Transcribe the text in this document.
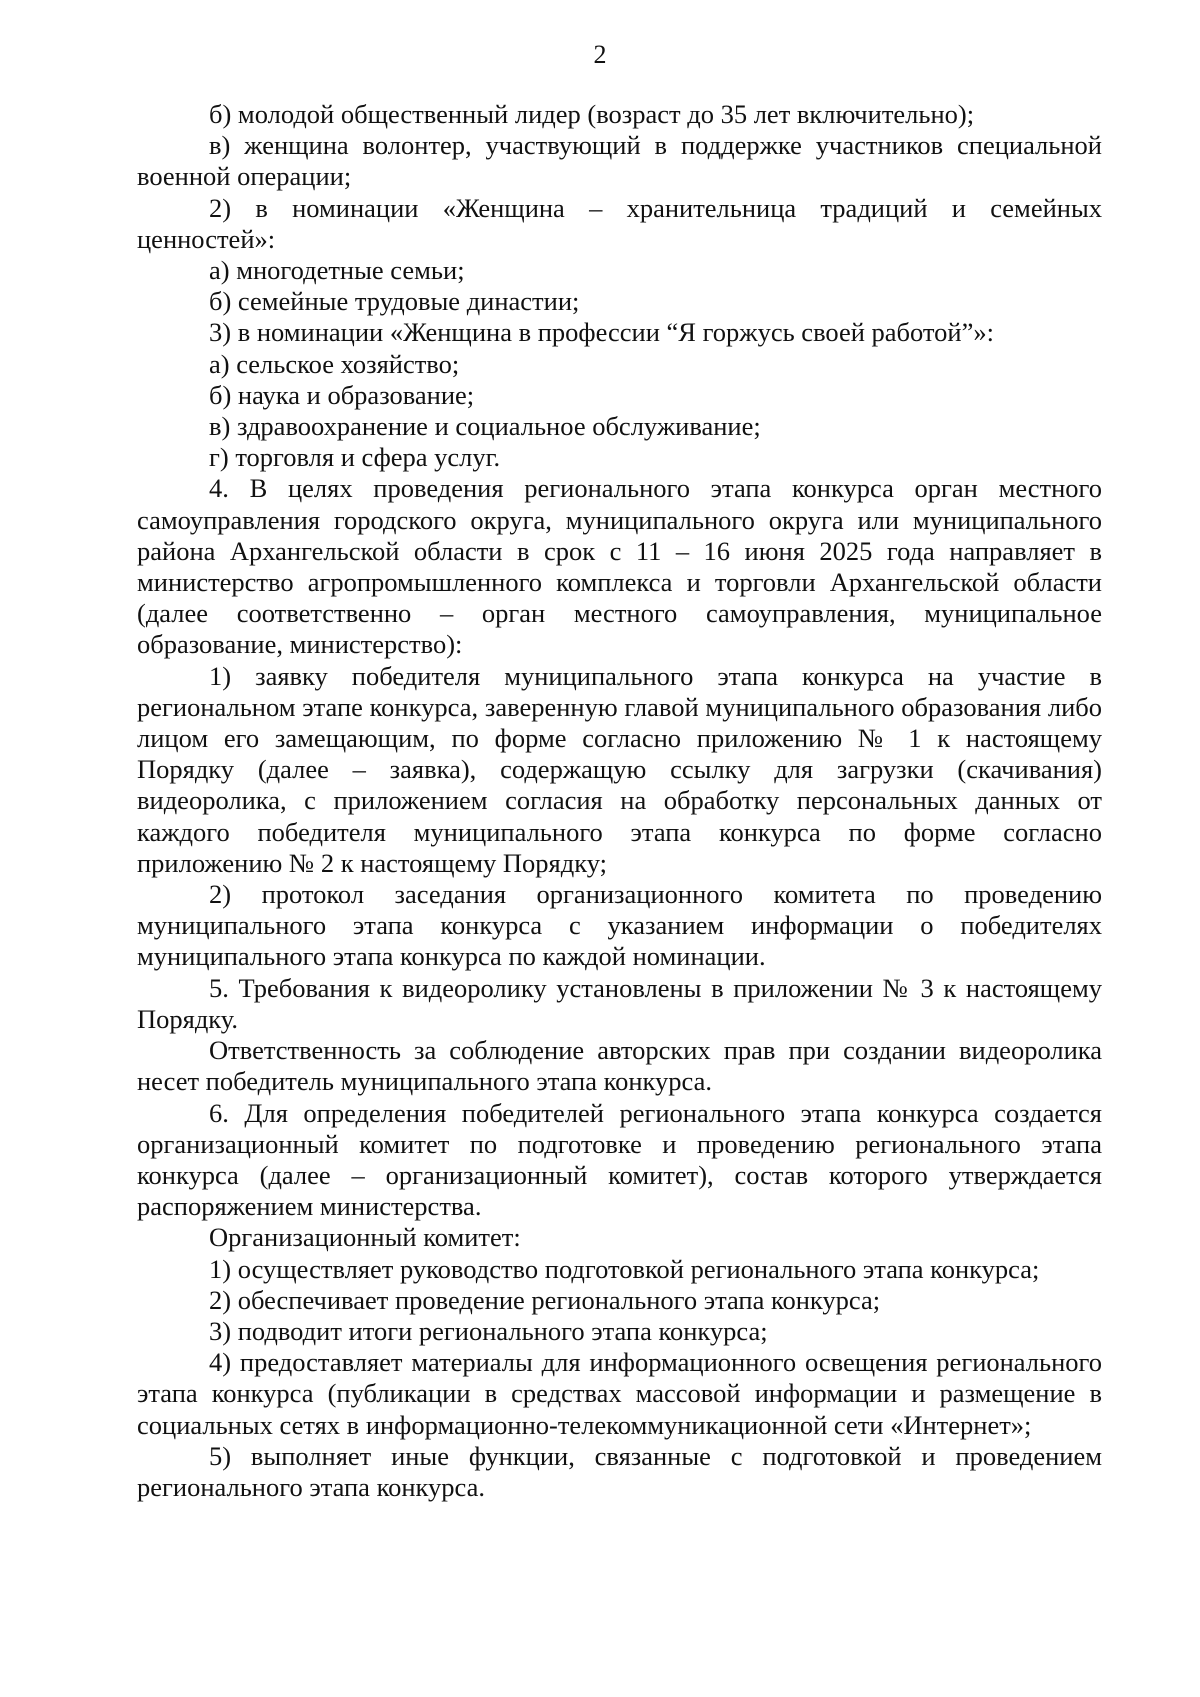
2

б) молодой общественный лидер (возраст до 35 лет включительно);

в) женщина волонтер, участвующий в поддержке участников специальной военной операции;

2) в номинации «Женщина – хранительница традиций и семейных ценностей»:

а) многодетные семьи;

б) семейные трудовые династии;

3) в номинации «Женщина в профессии “Я горжусь своей работой”»:

а) сельское хозяйство;

б) наука и образование;

в) здравоохранение и социальное обслуживание;

г) торговля и сфера услуг.

4. В целях проведения регионального этапа конкурса орган местного самоуправления городского округа, муниципального округа или муниципального района Архангельской области в срок с 11 – 16 июня 2025 года направляет в министерство агропромышленного комплекса и торговли Архангельской области (далее соответственно – орган местного самоуправления, муниципальное образование, министерство):

1) заявку победителя муниципального этапа конкурса на участие в региональном этапе конкурса, заверенную главой муниципального образования либо лицом его замещающим, по форме согласно приложению № 1 к настоящему Порядку (далее – заявка), содержащую ссылку для загрузки (скачивания) видеоролика, с приложением согласия на обработку персональных данных от каждого победителя муниципального этапа конкурса по форме согласно приложению № 2 к настоящему Порядку;

2) протокол заседания организационного комитета по проведению муниципального этапа конкурса с указанием информации о победителях муниципального этапа конкурса по каждой номинации.

5. Требования к видеоролику установлены в приложении № 3 к настоящему Порядку.

Ответственность за соблюдение авторских прав при создании видеоролика несет победитель муниципального этапа конкурса.

6. Для определения победителей регионального этапа конкурса создается организационный комитет по подготовке и проведению регионального этапа конкурса (далее – организационный комитет), состав которого утверждается распоряжением министерства.

Организационный комитет:

1) осуществляет руководство подготовкой регионального этапа конкурса;

2) обеспечивает проведение регионального этапа конкурса;

3) подводит итоги регионального этапа конкурса;

4) предоставляет материалы для информационного освещения регионального этапа конкурса (публикации в средствах массовой информации и размещение в социальных сетях в информационно-телекоммуникационной сети «Интернет»;

5) выполняет иные функции, связанные с подготовкой и проведением регионального этапа конкурса.
